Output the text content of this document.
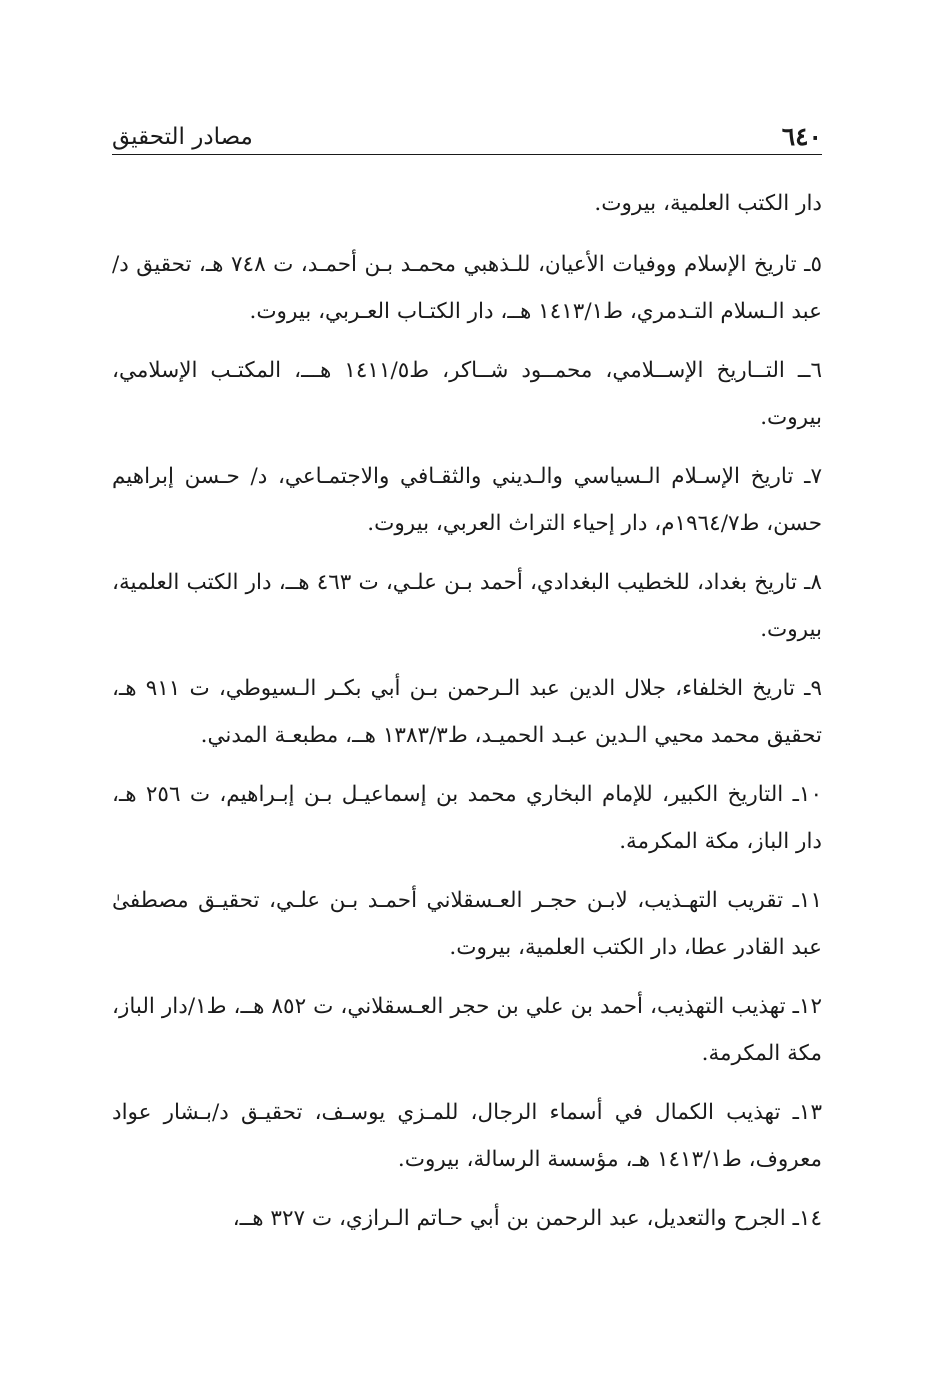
٦٤٠
مصادر التحقيق

دار الكتب العلمية، بيروت.

٥ـ تاريخ الإسلام ووفيات الأعيان، للـذهبي محمـد بـن أحمـد، ت ٧٤٨ هـ، تحقيق د/عبد الـسلام التـدمري، ط١٤١٣/١ هــ، دار الكتـاب العـربي، بيروت.

٦ــ التــاريخ الإســلامي، محمــود شــاكر، ط١٤١١/٥ هـــ، المكتـب الإسلامي، بيروت.

٧ـ تاريخ الإسـلام الـسياسي والـديني والثقـافي والاجتمـاعي، د/ حـسن إبراهيم حسن، ط١٩٦٤/٧م، دار إحياء التراث العربي، بيروت.

٨ـ تاريخ بغداد، للخطيب البغدادي، أحمد بـن علـي، ت ٤٦٣ هــ، دار الكتب العلمية، بيروت.

٩ـ تاريخ الخلفاء، جلال الدين عبد الـرحمن بـن أبي بكـر الـسيوطي، ت ٩١١ هـ، تحقيق محمد محيي الـدين عبـد الحميـد، ط١٣٨٣/٣ هــ، مطبعـة المدني.

١٠ـ التاريخ الكبير، للإمام البخاري محمد بن إسماعيـل بـن إبـراهيم، ت ٢٥٦ هـ، دار الباز، مكة المكرمة.

١١ـ تقريب التهـذيب، لابـن حجـر العـسقلاني أحمـد بـن علـي، تحقيـق مصطفىٰ عبد القادر عطا، دار الكتب العلمية، بيروت.

١٢ـ تهذيب التهذيب، أحمد بن علي بن حجر العـسقلاني، ت ٨٥٢ هــ، ط١/دار الباز، مكة المكرمة.

١٣ـ تهذيب الكمال في أسماء الرجال، للمـزي يوسـف، تحقيـق د/بـشار عواد معروف، ط١٤١٣/١ هـ، مؤسسة الرسالة، بيروت.

١٤ـ الجرح والتعديل، عبد الرحمن بن أبي حـاتم الـرازي، ت ٣٢٧ هــ،
